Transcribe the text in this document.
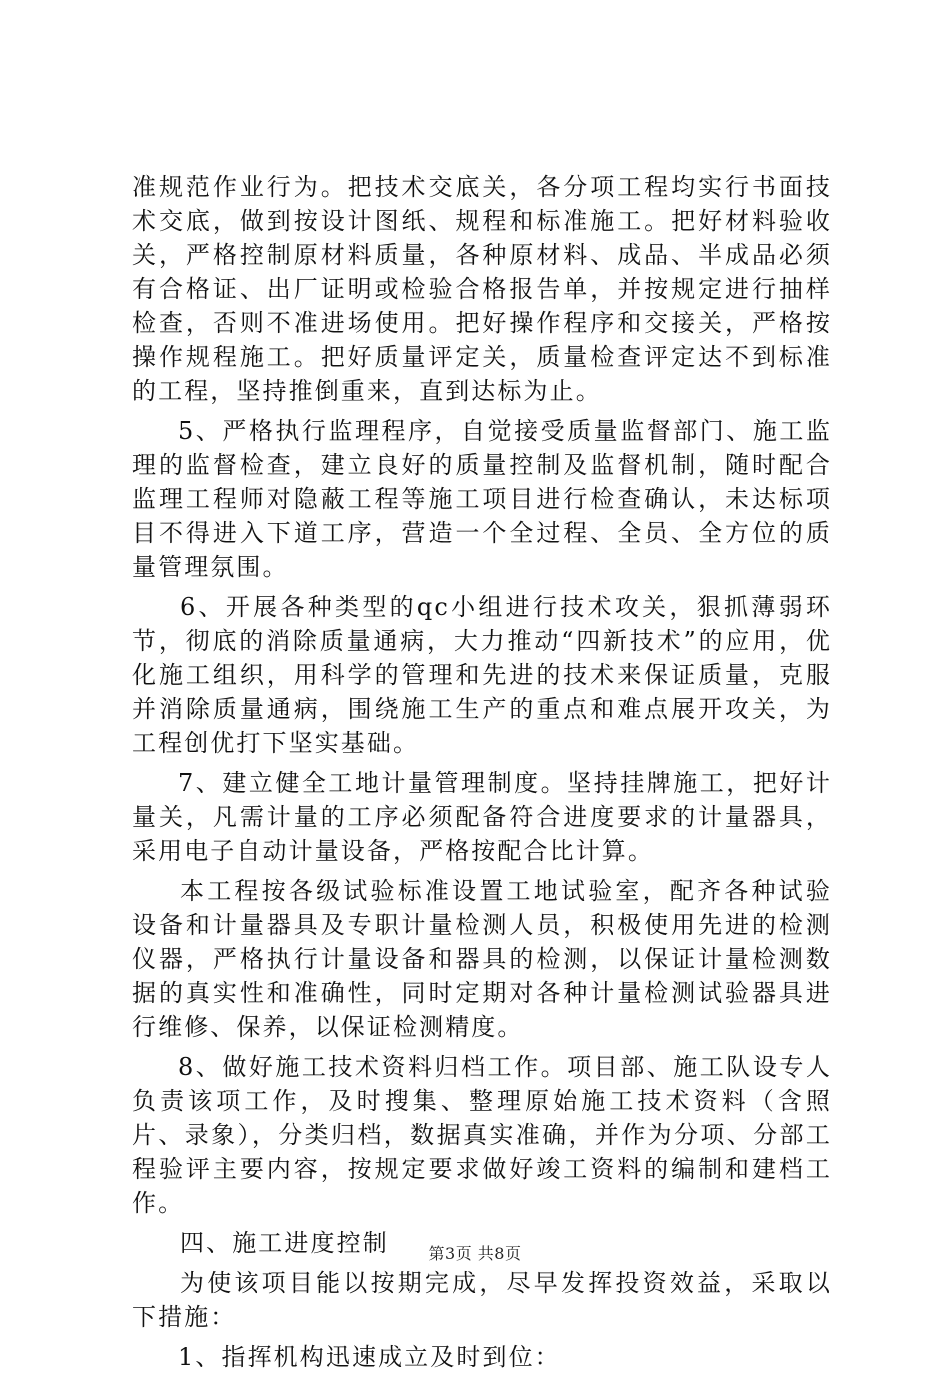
准规范作业行为。把技术交底关，各分项工程均实行书面技术交底，做到按设计图纸、规程和标准施工。把好材料验收关，严格控制原材料质量，各种原材料、成品、半成品必须有合格证、出厂证明或检验合格报告单，并按规定进行抽样检查，否则不准进场使用。把好操作程序和交接关，严格按操作规程施工。把好质量评定关，质量检查评定达不到标准的工程，坚持推倒重来，直到达标为止。

5、严格执行监理程序，自觉接受质量监督部门、施工监理的监督检查，建立良好的质量控制及监督机制，随时配合监理工程师对隐蔽工程等施工项目进行检查确认，未达标项目不得进入下道工序，营造一个全过程、全员、全方位的质量管理氛围。

6、开展各种类型的qc小组进行技术攻关，狠抓薄弱环节，彻底的消除质量通病，大力推动“四新技术”的应用，优化施工组织，用科学的管理和先进的技术来保证质量，克服并消除质量通病，围绕施工生产的重点和难点展开攻关，为工程创优打下坚实基础。

7、建立健全工地计量管理制度。坚持挂牌施工，把好计量关，凡需计量的工序必须配备符合进度要求的计量器具，采用电子自动计量设备，严格按配合比计算。

本工程按各级试验标准设置工地试验室，配齐各种试验设备和计量器具及专职计量检测人员，积极使用先进的检测仪器，严格执行计量设备和器具的检测，以保证计量检测数据的真实性和准确性，同时定期对各种计量检测试验器具进行维修、保养，以保证检测精度。

8、做好施工技术资料归档工作。项目部、施工队设专人负责该项工作，及时搜集、整理原始施工技术资料（含照片、录象），分类归档，数据真实准确，并作为分项、分部工程验评主要内容，按规定要求做好竣工资料的编制和建档工作。

四、施工进度控制

为使该项目能以按期完成，尽早发挥投资效益，采取以下措施：

1、指挥机构迅速成立及时到位：

第3页 共8页
